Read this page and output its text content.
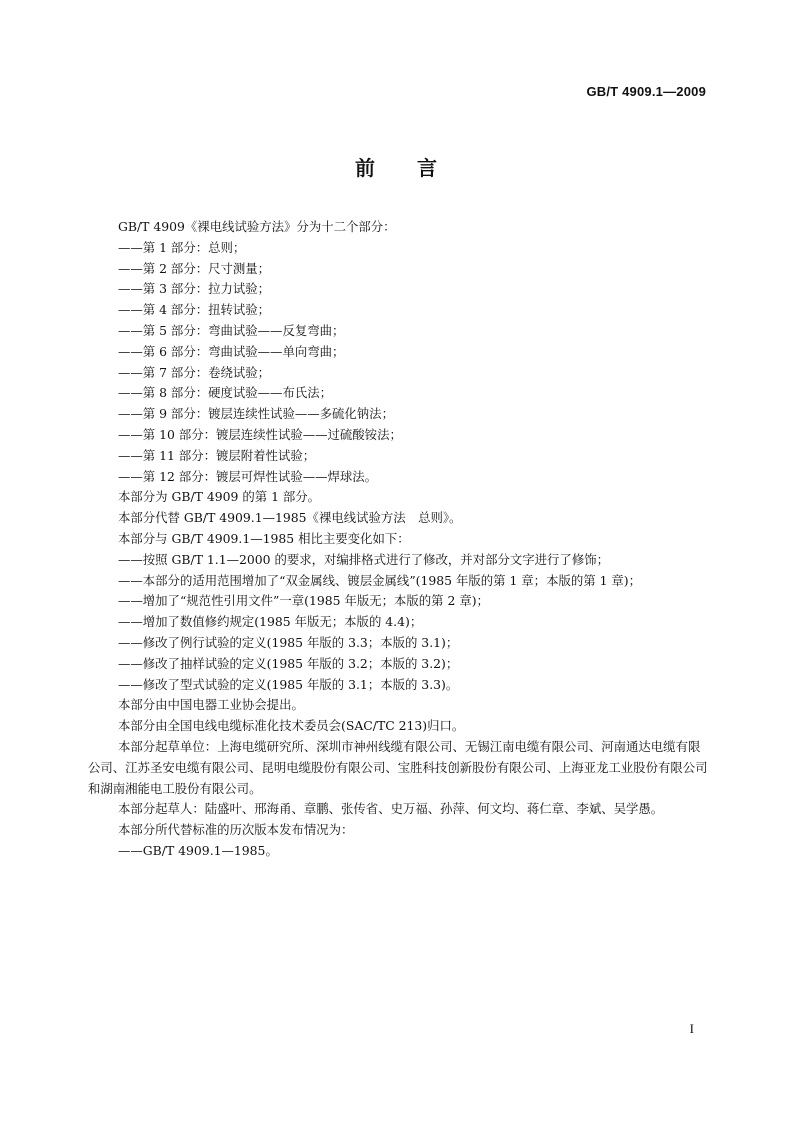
GB/T 4909.1—2009
前 言
GB/T 4909《裸电线试验方法》分为十二个部分：
——第 1 部分：总则；
——第 2 部分：尺寸测量；
——第 3 部分：拉力试验；
——第 4 部分：扭转试验；
——第 5 部分：弯曲试验——反复弯曲；
——第 6 部分：弯曲试验——单向弯曲；
——第 7 部分：卷绕试验；
——第 8 部分：硬度试验——布氏法；
——第 9 部分：镀层连续性试验——多硫化钠法；
——第 10 部分：镀层连续性试验——过硫酸铵法；
——第 11 部分：镀层附着性试验；
——第 12 部分：镀层可焊性试验——焊球法。
本部分为 GB/T 4909 的第 1 部分。
本部分代替 GB/T 4909.1—1985《裸电线试验方法　总则》。
本部分与 GB/T 4909.1—1985 相比主要变化如下：
——按照 GB/T 1.1—2000 的要求，对编排格式进行了修改，并对部分文字进行了修饰；
——本部分的适用范围增加了“双金属线、镀层金属线”(1985 年版的第 1 章；本版的第 1 章)；
——增加了“规范性引用文件”一章(1985 年版无；本版的第 2 章)；
——增加了数值修约规定(1985 年版无；本版的 4.4)；
——修改了例行试验的定义(1985 年版的 3.3；本版的 3.1)；
——修改了抽样试验的定义(1985 年版的 3.2；本版的 3.2)；
——修改了型式试验的定义(1985 年版的 3.1；本版的 3.3)。
本部分由中国电器工业协会提出。
本部分由全国电线电缆标准化技术委员会(SAC/TC 213)归口。
本部分起草单位：上海电缆研究所、深圳市神州线缆有限公司、无锡江南电缆有限公司、河南通达电缆有限公司、江苏圣安电缆有限公司、昆明电缆股份有限公司、宝胜科技创新股份有限公司、上海亚龙工业股份有限公司和湖南湘能电工股份有限公司。
本部分起草人：陆盛叶、邢海甬、章鹏、张传省、史万福、孙萍、何文均、蒋仁章、李斌、吴学愚。
本部分所代替标准的历次版本发布情况为：
——GB/T 4909.1—1985。
I
